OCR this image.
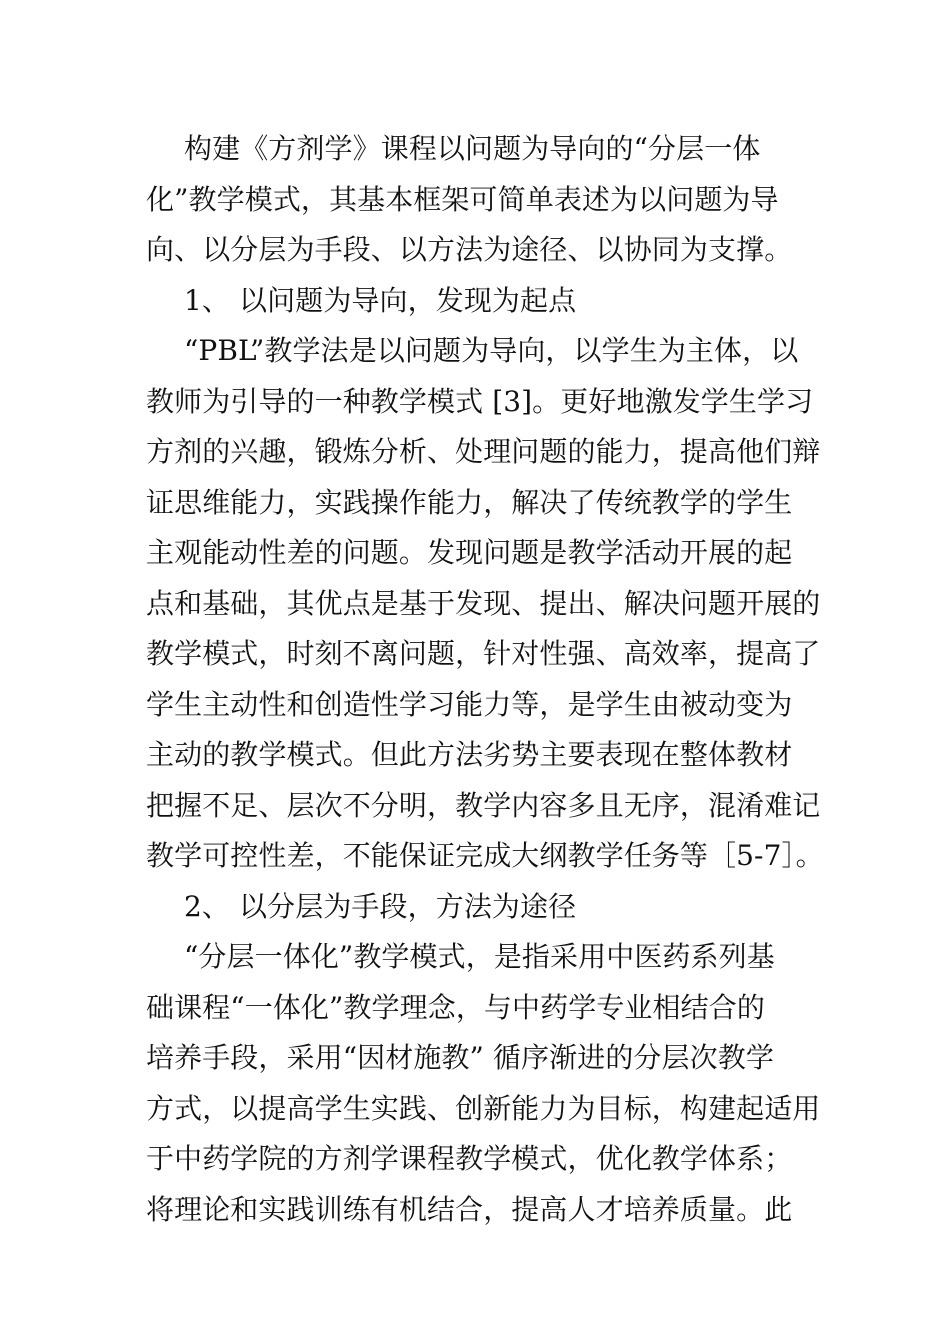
构建《方剂学》课程以问题为导向的“分层一体
化”教学模式，其基本框架可简单表述为以问题为导
向、以分层为手段、以方法为途径、以协同为支撑。
1、 以问题为导向，发现为起点
“PBL”教学法是以问题为导向，以学生为主体，以
教师为引导的一种教学模式 [3]。更好地激发学生学习
方剂的兴趣，锻炼分析、处理问题的能力，提高他们辩
证思维能力，实践操作能力，解决了传统教学的学生
主观能动性差的问题。发现问题是教学活动开展的起
点和基础，其优点是基于发现、提出、解决问题开展的
教学模式，时刻不离问题，针对性强、高效率，提高了
学生主动性和创造性学习能力等，是学生由被动变为
主动的教学模式。但此方法劣势主要表现在整体教材
把握不足、层次不分明，教学内容多且无序，混淆难记
教学可控性差，不能保证完成大纲教学任务等［5-7］。
2、 以分层为手段，方法为途径
“分层一体化”教学模式，是指采用中医药系列基
础课程“一体化”教学理念，与中药学专业相结合的
培养手段，采用“因材施教” 循序渐进的分层次教学
方式，以提高学生实践、创新能力为目标，构建起适用
于中药学院的方剂学课程教学模式，优化教学体系；
将理论和实践训练有机结合，提高人才培养质量。此
